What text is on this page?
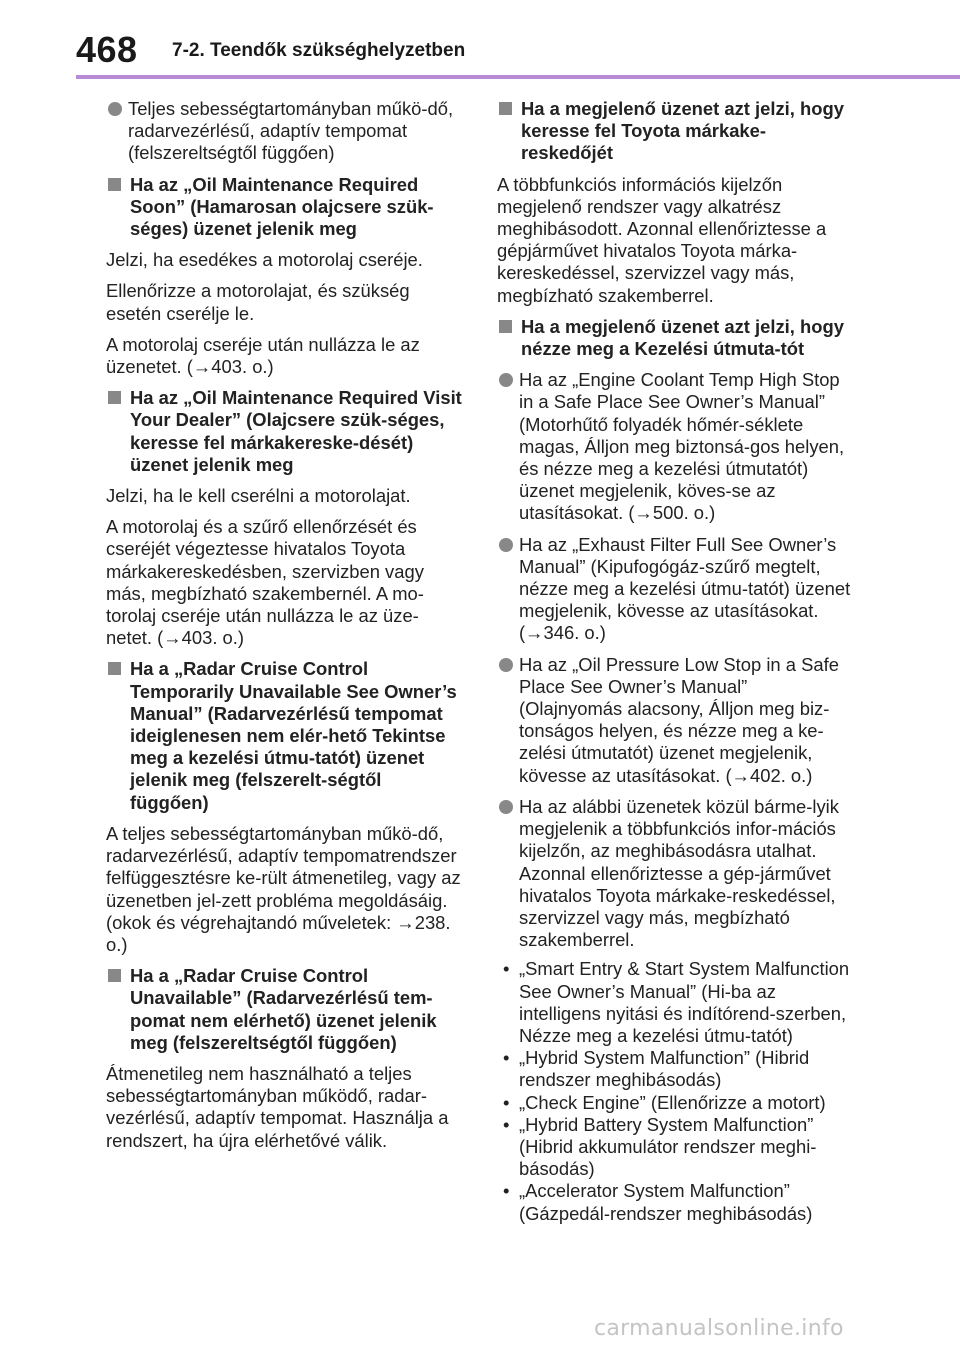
468 7-2. Teendők szükséghelyzetben
Teljes sebességtartományban műkö-dő, radarvezérlésű, adaptív tempomat (felszereltségtől függően)
Ha az „Oil Maintenance Required Soon” (Hamarosan olajcsere szük-séges) üzenet jelenik meg

Jelzi, ha esedékes a motorolaj cseréje.

Ellenőrizze a motorolajat, és szükség esetén cserélje le.

A motorolaj cseréje után nullázza le az üzenetet. (→403. o.)

Ha az „Oil Maintenance Required Visit Your Dealer” (Olajcsere szük-séges, keresse fel márkakereske-dését) üzenet jelenik meg

Jelzi, ha le kell cserélni a motorolajat.

A motorolaj és a szűrő ellenőrzését és cseréjét végeztesse hivatalos Toyota márkakereskedésben, szervizben vagy más, megbízható szakembernél. A mo-torolaj cseréje után nullázza le az üze-netet. (→403. o.)

Ha a „Radar Cruise Control Temporarily Unavailable See Owner’s Manual” (Radarvezérlésű tempomat ideiglenesen nem elér-hető Tekintse meg a kezelési útmu-tatót) üzenet jelenik meg (felszerelt-ségtől függően)

A teljes sebességtartományban műkö-dő, radarvezérlésű, adaptív tempomatrendszer felfüggesztésre ke-rült átmenetileg, vagy az üzenetben jel-zett probléma megoldásáig. (okok és végrehajtandó műveletek: →238. o.)

Ha a „Radar Cruise Control Unavailable” (Radarvezérlésű tem-pomat nem elérhető) üzenet jelenik meg (felszereltségtől függően)

Átmenetileg nem használható a teljes sebességtartományban működő, radar-vezérlésű, adaptív tempomat. Használja a rendszert, ha újra elérhetővé válik.

Ha a megjelenő üzenet azt jelzi, hogy keresse fel Toyota márkake-reskedőjét

A többfunkciós információs kijelzőn megjelenő rendszer vagy alkatrész meghibásodott. Azonnal ellenőriztesse a gépjárművet hivatalos Toyota márka-kereskedéssel, szervizzel vagy más, megbízható szakemberrel.

Ha a megjelenő üzenet azt jelzi, hogy nézze meg a Kezelési útmuta-tót
Ha az „Engine Coolant Temp High Stop in a Safe Place See Owner’s Manual” (Motorhűtő folyadék hőmér-séklete magas, Álljon meg biztonsá-gos helyen, és nézze meg a kezelési útmutatót) üzenet megjelenik, köves-se az utasításokat. (→500. o.)
Ha az „Exhaust Filter Full See Owner’s Manual” (Kipufogógáz-szűrő megtelt, nézze meg a kezelési útmu-tatót) üzenet megjelenik, kövesse az utasításokat. (→346. o.)
Ha az „Oil Pressure Low Stop in a Safe Place See Owner’s Manual” (Olajnyomás alacsony, Álljon meg biz-tonságos helyen, és nézze meg a ke-zelési útmutatót) üzenet megjelenik, kövesse az utasításokat. (→402. o.)
Ha az alábbi üzenetek közül bárme-lyik megjelenik a többfunkciós infor-mációs kijelzőn, az meghibásodásra utalhat. Azonnal ellenőriztesse a gép-járművet hivatalos Toyota márkake-reskedéssel, szervizzel vagy más, megbízható szakemberrel.
• „Smart Entry & Start System Malfunction See Owner’s Manual” (Hi-ba az intelligens nyitási és indítórend-szerben, Nézze meg a kezelési útmu-tatót)
• „Hybrid System Malfunction” (Hibrid rendszer meghibásodás)
• „Check Engine” (Ellenőrizze a motort)
• „Hybrid Battery System Malfunction” (Hibrid akkumulátor rendszer meghi-básodás)
• „Accelerator System Malfunction” (Gázpedál-rendszer meghibásodás)
carmanualsonline.info
